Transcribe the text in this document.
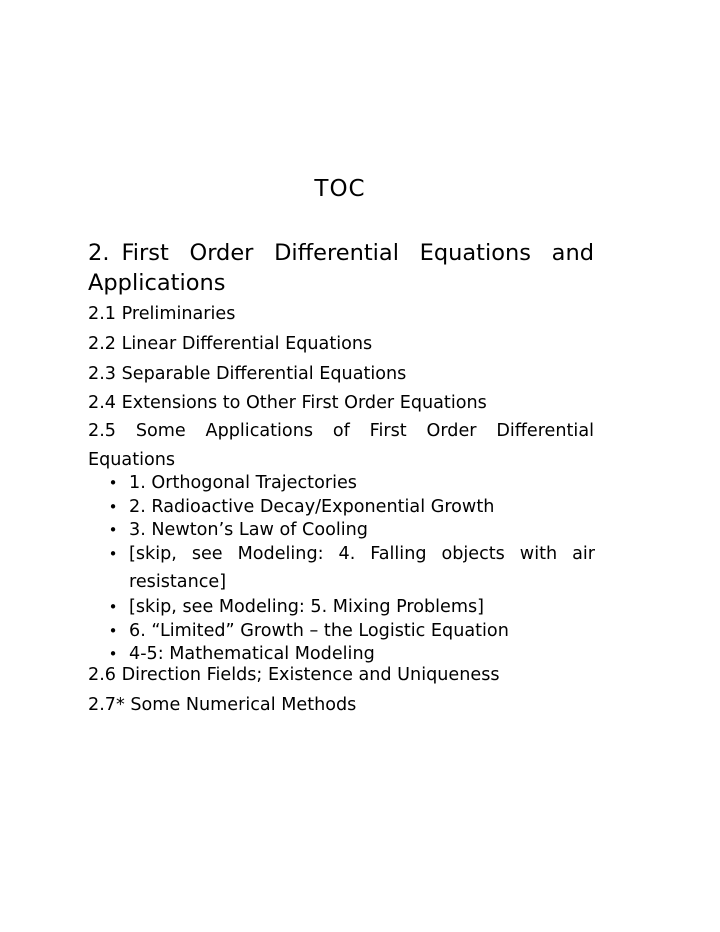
TOC
2. First Order Differential Equations and Applications
2.1 Preliminaries
2.2 Linear Differential Equations
2.3 Separable Differential Equations
2.4 Extensions to Other First Order Equations
2.5 Some Applications of First Order Differential Equations
• 1. Orthogonal Trajectories
• 2. Radioactive Decay/Exponential Growth
• 3. Newton’s Law of Cooling
• [skip, see Modeling: 4. Falling objects with air resistance]
• [skip, see Modeling: 5. Mixing Problems]
• 6. “Limited” Growth – the Logistic Equation
• 4-5: Mathematical Modeling
2.6 Direction Fields; Existence and Uniqueness
2.7* Some Numerical Methods
